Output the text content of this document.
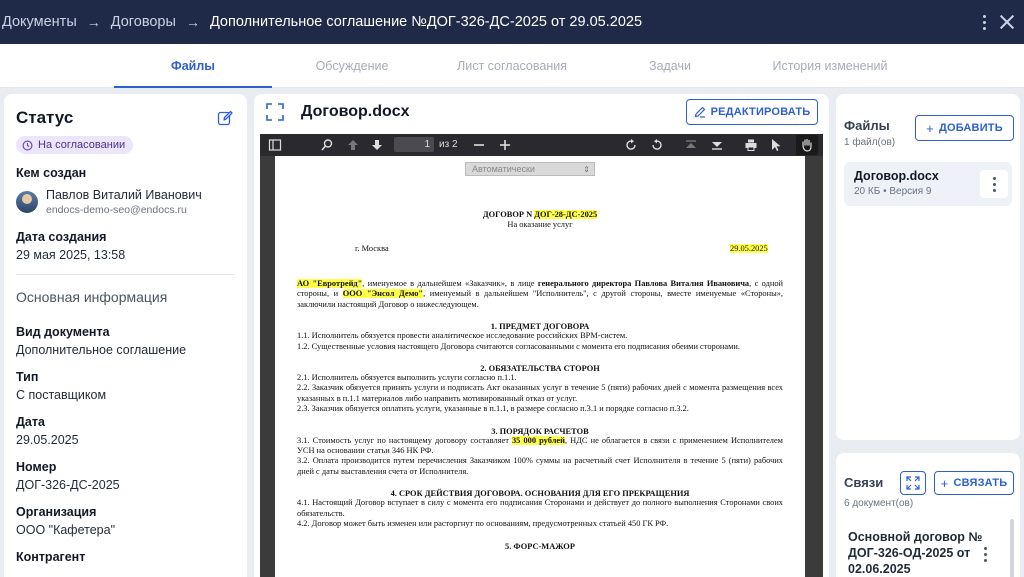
Документы → Договоры → Дополнительное соглашение №ДОГ-326-ДС-2025 от 29.05.2025
Файлы	Обсуждение	Лист согласования	Задачи	История изменений
Статус
На согласовании
Кем создан
Павлов Виталий Иванович
endocs-demo-seo@endocs.ru
Дата создания
29 мая 2025, 13:58
Основная информация
Вид документа
Дополнительное соглашение
Тип
С поставщиком
Дата
29.05.2025
Номер
ДОГ-326-ДС-2025
Организация
ООО "Кафетера"
Контрагент
Договор.docx	РЕДАКТИРОВАТЬ
1 из 2
Автоматически ⇕
ДОГОВОР N ДОГ-28-ДС-2025
На оказание услуг
г. Москва	29.05.2025
АО "Евротрейд", именуемое в дальнейшем «Заказчик», в лице генерального директора Павлова Виталия Ивановича, с одной стороны, и ООО "Энсол Демо", именуемый в дальнейшем "Исполнитель", с другой стороны, вместе именуемые «Стороны», заключили настоящий Договор о нижеследующем.
1. ПРЕДМЕТ ДОГОВОРА
1.1. Исполнитель обязуется провести аналитическое исследование российских BPM-систем.
1.2. Существенные условия настоящего Договора считаются согласованными с момента его подписания обеими сторонами.
2. ОБЯЗАТЕЛЬСТВА СТОРОН
2.1. Исполнитель обязуется выполнить услуги согласно п.1.1.
2.2. Заказчик обязуется принять услуги и подписать Акт оказанных услуг в течение 5 (пяти) рабочих дней с момента размещения всех указанных в п.1.1 материалов либо направить мотивированный отказ от услуг.
2.3. Заказчик обязуется оплатить услуги, указанные в п.1.1, в размере согласно п.3.1 и порядке согласно п.3.2.
3. ПОРЯДОК РАСЧЕТОВ
3.1. Стоимость услуг по настоящему договору составляет 35 000 рублей, НДС не облагается в связи с применением Исполнителем УСН на основании статьи 346 НК РФ.
3.2. Оплата производится путем перечисления Заказчиком 100% суммы на расчетный счет Исполнителя в течение 5 (пяти) рабочих дней с даты выставления счета от Исполнителя.
4. СРОК ДЕЙСТВИЯ ДОГОВОРА. ОСНОВАНИЯ ДЛЯ ЕГО ПРЕКРАЩЕНИЯ
4.1. Настоящий Договор вступает в силу с момента его подписания Сторонами и действует до полного выполнения Сторонами своих обязательств.
4.2. Договор может быть изменен или расторгнут по основаниям, предусмотренных статьей 450 ГК РФ.
5. ФОРС-МАЖОР
Файлы
1 файл(ов)
+ ДОБАВИТЬ
Договор.docx
20 КБ • Версия 9
Связи
6 документ(ов)
+ СВЯЗАТЬ
Основной договор № ДОГ-326-ОД-2025 от 02.06.2025
